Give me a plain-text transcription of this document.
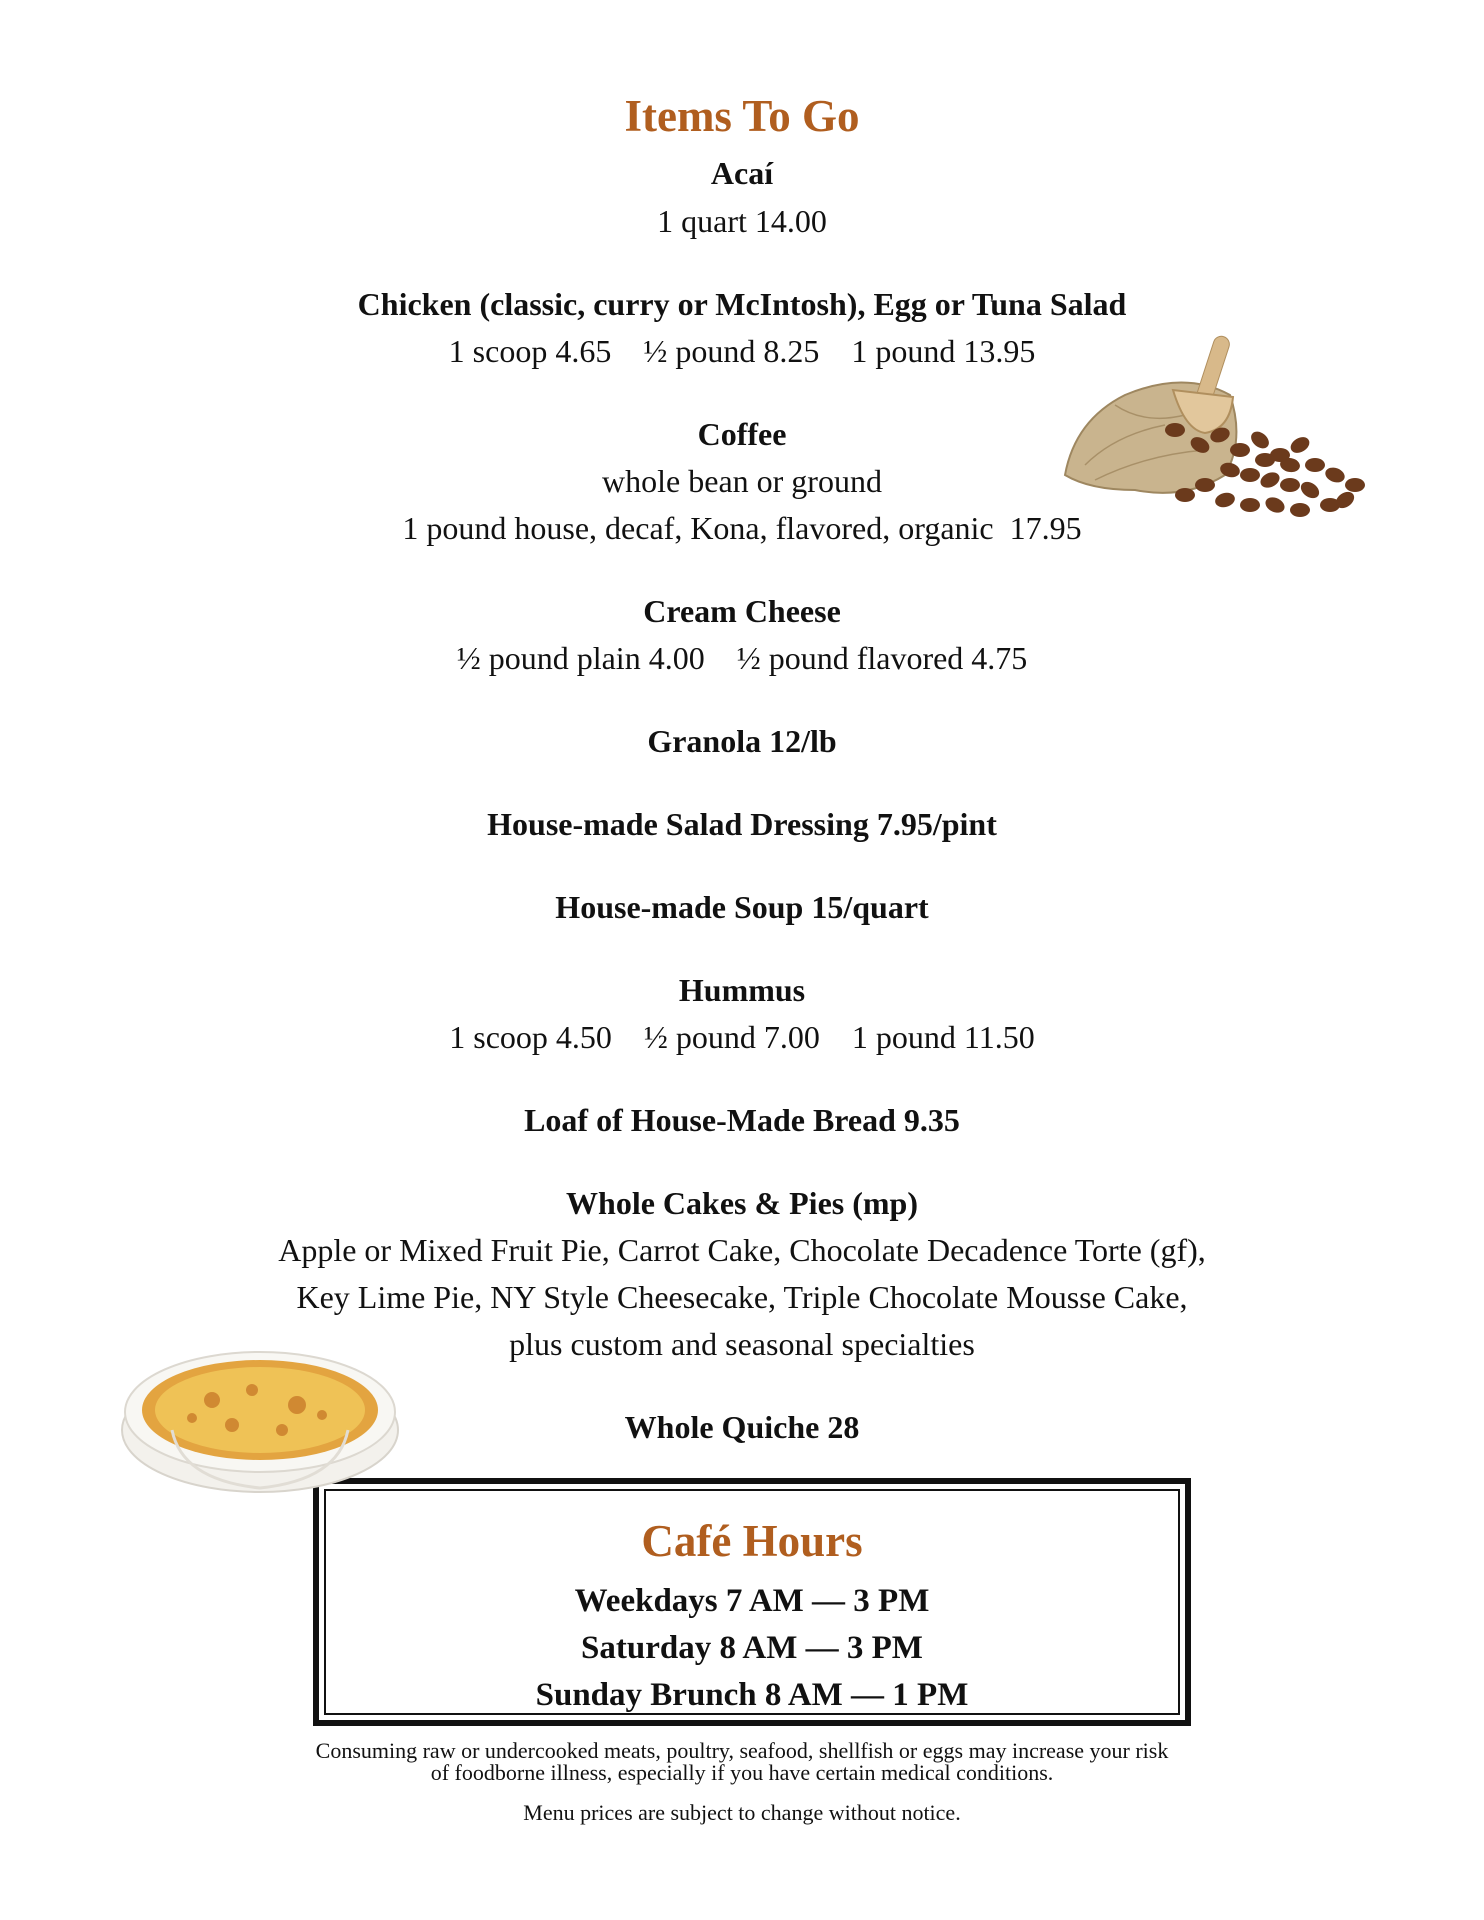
Items To Go
Acaí
1 quart 14.00
Chicken (classic, curry or McIntosh), Egg or Tuna Salad
1 scoop 4.65    ½ pound 8.25    1 pound 13.95
Coffee
whole bean or ground
1 pound house, decaf, Kona, flavored, organic  17.95
Cream Cheese
½ pound plain 4.00    ½ pound flavored 4.75
Granola 12/lb
House-made Salad Dressing 7.95/pint
House-made Soup 15/quart
Hummus
1 scoop 4.50    ½ pound 7.00    1 pound 11.50
Loaf of House-Made Bread 9.35
Whole Cakes & Pies (mp)
Apple or Mixed Fruit Pie, Carrot Cake, Chocolate Decadence Torte (gf),
Key Lime Pie, NY Style Cheesecake, Triple Chocolate Mousse Cake,
plus custom and seasonal specialties
Whole Quiche 28
Café Hours
Weekdays 7 AM — 3 PM
Saturday 8 AM — 3 PM
Sunday Brunch 8 AM — 1 PM
Consuming raw or undercooked meats, poultry, seafood, shellfish or eggs may increase your risk
of foodborne illness, especially if you have certain medical conditions.
Menu prices are subject to change without notice.
